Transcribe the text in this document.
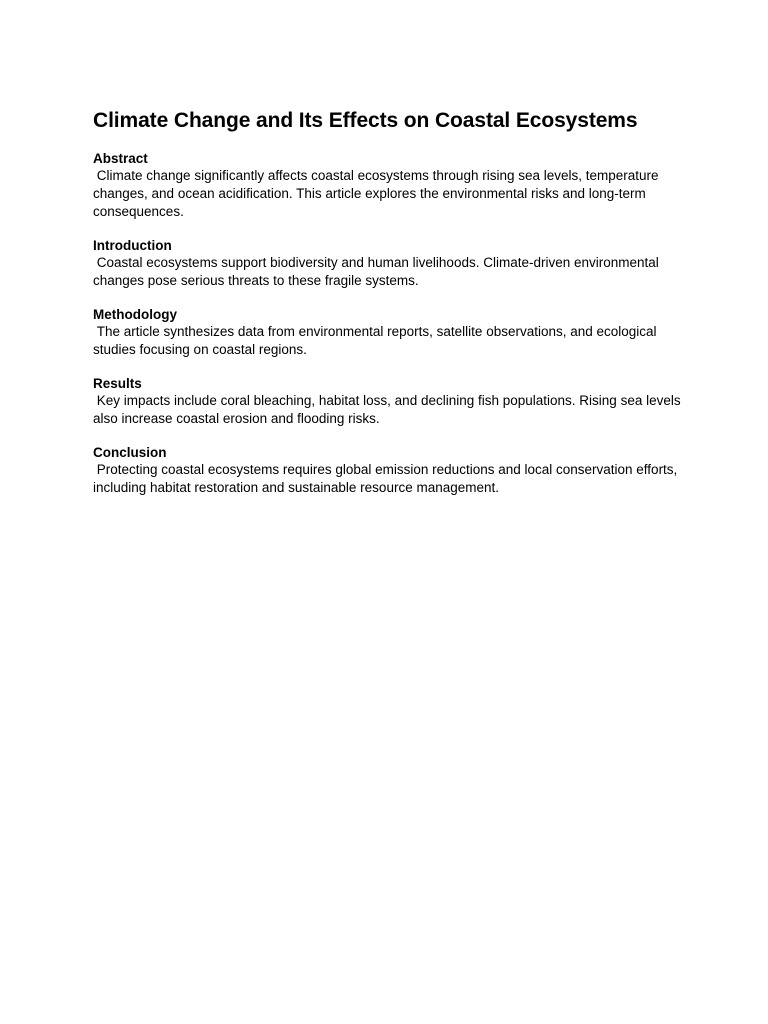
Climate Change and Its Effects on Coastal Ecosystems

Abstract

Climate change significantly affects coastal ecosystems through rising sea levels, temperature changes, and ocean acidification. This article explores the environmental risks and long-term consequences.

Introduction

Coastal ecosystems support biodiversity and human livelihoods. Climate-driven environmental changes pose serious threats to these fragile systems.

Methodology

The article synthesizes data from environmental reports, satellite observations, and ecological studies focusing on coastal regions.

Results

Key impacts include coral bleaching, habitat loss, and declining fish populations. Rising sea levels also increase coastal erosion and flooding risks.

Conclusion

Protecting coastal ecosystems requires global emission reductions and local conservation efforts, including habitat restoration and sustainable resource management.
